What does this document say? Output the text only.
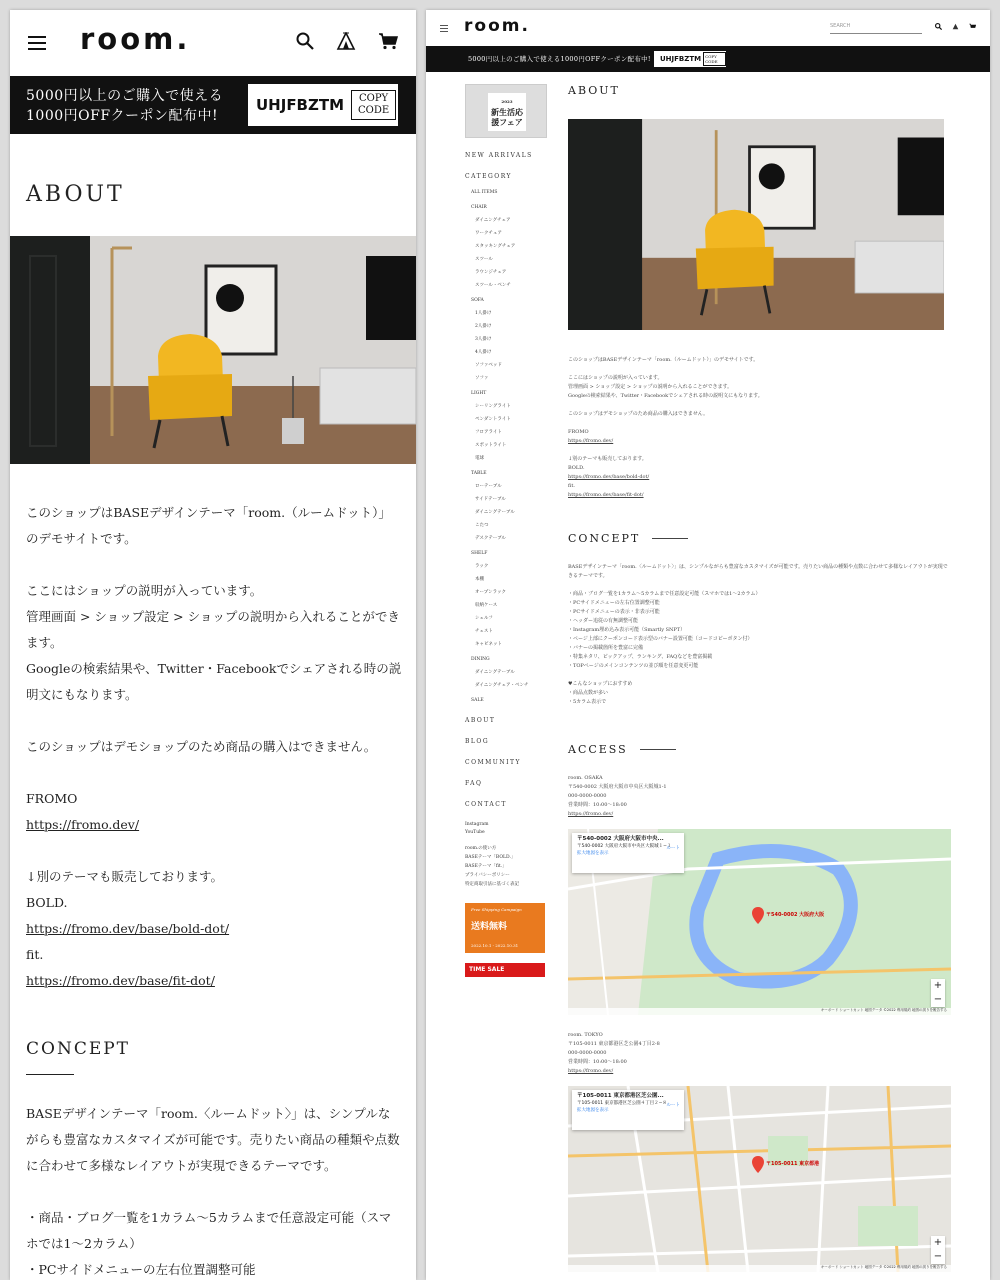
room.
5000円以上のご購入で使える1000円OFFクーポン配布中!
UHJFBZTM	COPY CODE
ABOUT

このショップはBASEデザインテーマ「room.（ルームドット）」のデモサイトです。

ここにはショップの説明が入っています。

管理画面 > ショップ設定 > ショップの説明から入れることができます。

Googleの検索結果や、Twitter・Facebookでシェアされる時の説明文にもなります。

このショップはデモショップのため商品の購入はできません。

FROMO

https://fromo.dev/

↓別のテーマも販売しております。

BOLD.

https://fromo.dev/base/bold-dot/

fit.

https://fromo.dev/base/fit-dot/

CONCEPT

BASEデザインテーマ「room.〈ルームドット〉」は、シンプルながらも豊富なカスタマイズが可能です。売りたい商品の種類や点数に合わせて多様なレイアウトが実現できるテーマです。

・商品・ブログ一覧を1カラム〜5カラムまで任意設定可能（スマホでは1〜2カラム）

・PCサイドメニューの左右位置調整可能

room.	SEARCH
5000円以上のご購入で使える1000円OFFクーポン配布中!	UHJFBZTM	COPY CODE
2023
新生活応援フェア
NEW ARRIVALS
CATEGORY
ALL ITEMS
CHAIR
ダイニングチェア
ワークチェア
スタッキングチェア
スツール
ラウンジチェア
スツール・ベンチ
SOFA
1人掛け
2人掛け
3人掛け
4人掛け
ソファベッド
ソファ
LIGHT
シーリングライト
ペンダントライト
フロアライト
スポットライト
電球
TABLE
ローテーブル
サイドテーブル
ダイニングテーブル
こたつ
デスクテーブル
SHELF
ラック
本棚
オープンラック
収納ケース
シェルフ
チェスト
キャビネット
DINING
ダイニングテーブル
ダイニングチェア・ベンチ
SALE
ABOUT
BLOG
COMMUNITY
FAQ
CONTACT
Instagram
YouTube
room.の使い方
BASEテーマ「BOLD.」
BASEテーマ「fit.」
プライバシーポリシー
特定商取引法に基づく表記
Free Shipping Campaign
送料無料
2022.10.1 - 2022.10.31
TIME SALE
ABOUT

このショップはBASEデザインテーマ「room.（ルームドット）」のデモサイトです。

ここにはショップの説明が入っています。

管理画面 > ショップ設定 > ショップの説明から入れることができます。

Googleの検索結果や、Twitter・Facebookでシェアされる時の説明文にもなります。

このショップはデモショップのため商品の購入はできません。

FROMO

https://fromo.dev/

↓別のテーマも販売しております。

BOLD.

https://fromo.dev/base/bold-dot/

fit.

https://fromo.dev/base/fit-dot/

CONCEPT

BASEデザインテーマ「room.〈ルームドット〉」は、シンプルながらも豊富なカスタマイズが可能です。売りたい商品の種類や点数に合わせて多様なレイアウトが実現できるテーマです。

・商品・ブログ一覧を1カラム〜5カラムまで任意設定可能（スマホでは1〜2カラム）

・PCサイドメニューの左右位置調整可能

・PCサイドメニューの表示・非表示可能

・ヘッダー追従の有無調整可能

・Instagram埋め込み表示可能（Smartly SNPT）

・ページ上部にクーポンコード表示型のバナー設置可能（コードコピーボタン付）

・バナーの掲載箇所を豊富に完備

・特集ネタリ、ピックアップ、ランキング、FAQなどを豊富掲載

・TOPページのメインコンテンツの並び順を任意変更可能

♥こんなショップにおすすめ

・商品点数が多い

・5カラム表示で

ACCESS

room. OSAKA

〒540-0002 大阪府大阪市中央区大阪城1-1

000-0000-0000

営業時間：10:00〜18:00

https://fromo.dev/

〒540-0002 大阪府大阪市中央...
〒540-0002 大阪府大阪市中央区大阪城１−１
拡大地図を表示
ルート
〒540-0002 大阪府大阪
+
−
キーボード ショートカット 地図データ ©2022 利用規約 地図の誤りを報告する

room. TOKYO

〒105-0011 東京都港区芝公園4丁目2-8

000-0000-0000

営業時間：10:00〜18:00

https://fromo.dev/

〒105-0011 東京都港区芝公園...
〒105-0011 東京都港区芝公園４丁目２−８
拡大地図を表示
ルート
〒105-0011 東京都港
+
−
キーボード ショートカット 地図データ ©2022 利用規約 地図の誤りを報告する
